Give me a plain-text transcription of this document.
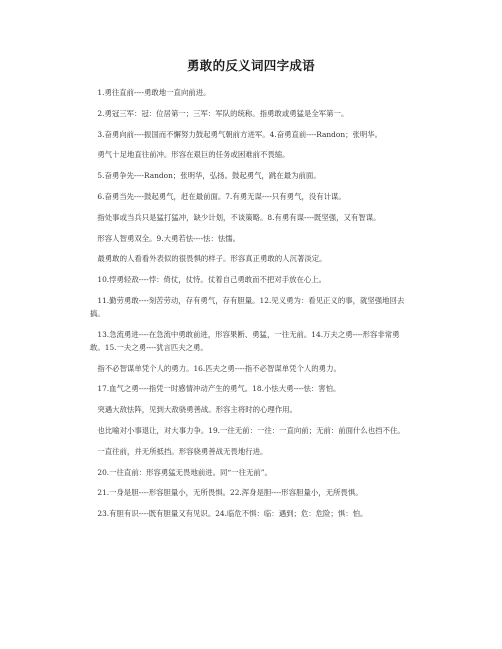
勇敢的反义词四字成语

1.勇往直前----勇敢地一直向前进。

2.勇冠三军：冠：位居第一；三军：军队的统称。指勇敢或勇猛是全军第一。

3.奋勇向前----振国而不懈努力鼓起勇气朝前方进军。4.奋勇直前----Randon；张明华。

勇气十足地直往前冲。形容在艰巨的任务或困难前不畏缩。

5.奋勇争先----Randon；张明华，弘扬。鼓起勇气，跳在最为前面。

6.奋勇当先----鼓起勇气，赶在最前面。7.有勇无谋----只有勇气，没有计谋。

指处事或当兵只是猛打猛冲，缺少计划，不谈策略。8.有勇有谋----既坚强，又有智谋。

形容人智勇双全。9.大勇若怯----怯：怯懦。

最勇敢的人看看外表似的很畏惧的样子。形容真正勇敢的人沉著淡定。

10.悖勇轻敌----悖：倚仗，仗恃。仗着自己勇敢而不把对手放在心上。

11.勤劳勇敢----刻苦劳动，存有勇气，存有胆量。12.见义勇为：看见正义的事，就坚强地回去搞。

13.急流勇进----在急流中勇敢前进，形容果断、勇猛，一往无前。14.万夫之勇----形容非常勇敢。15.一夫之勇----犹言匹夫之勇。

指不必智谋单凭个人的勇力。16.匹夫之勇----指不必智谋单凭个人的勇力。

17.血气之勇----指凭一时感情冲动产生的勇气。18.小怯大勇----怯：害怕。

突遇大敌怯阵，见到大敌骁勇善战。形容主将时的心理作用。

也比喻对小事退让，对大事力争。19.一往无前：一往：一直向前；无前：前面什么也挡不住。

一直往前，并无所抵挡。形容骁勇善战无畏地行进。

20.一往直前：形容勇猛无畏地前进。同“一往无前”。

21.一身是胆----形容胆量小，无所畏惧。22.浑身是胆----形容胆量小，无所畏惧。

23.有胆有识----既有胆量又有见识。24.临危不惧：临：遇到；危：危险；惧：怕。
